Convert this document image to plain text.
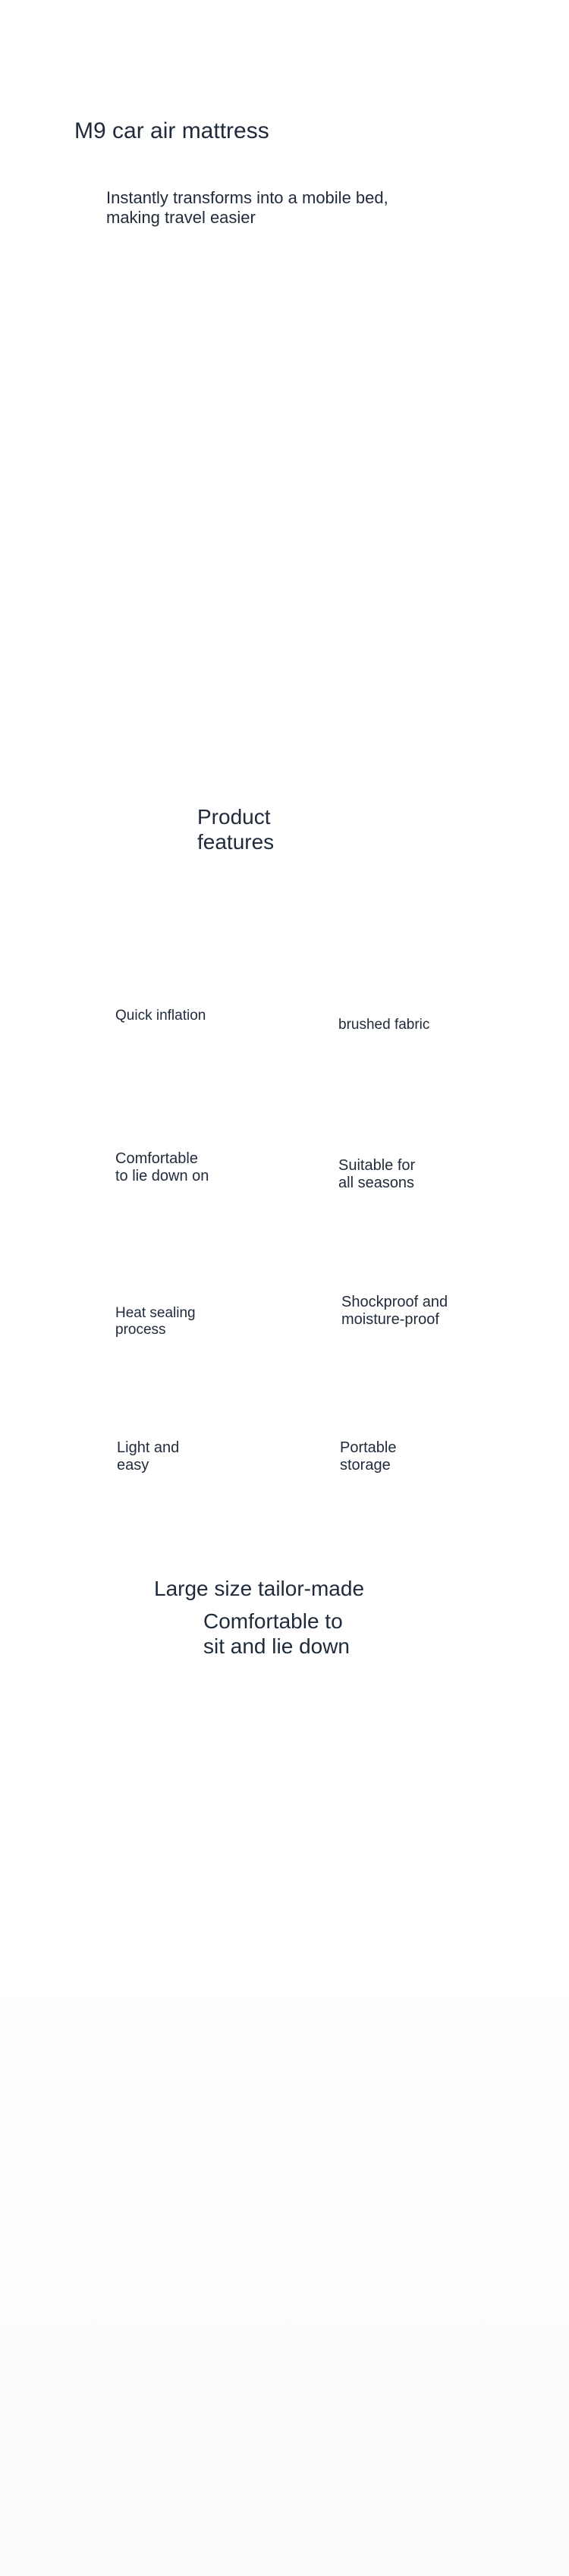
M9 car air mattress

Instantly transforms into a mobile bed, making travel easier

Product features
Quick inflation
brushed fabric
Comfortable to lie down on
Suitable for all seasons
Heat sealing process
Shockproof and moisture-proof
Light and easy
Portable storage
Large size tailor-made

Comfortable to sit and lie down
